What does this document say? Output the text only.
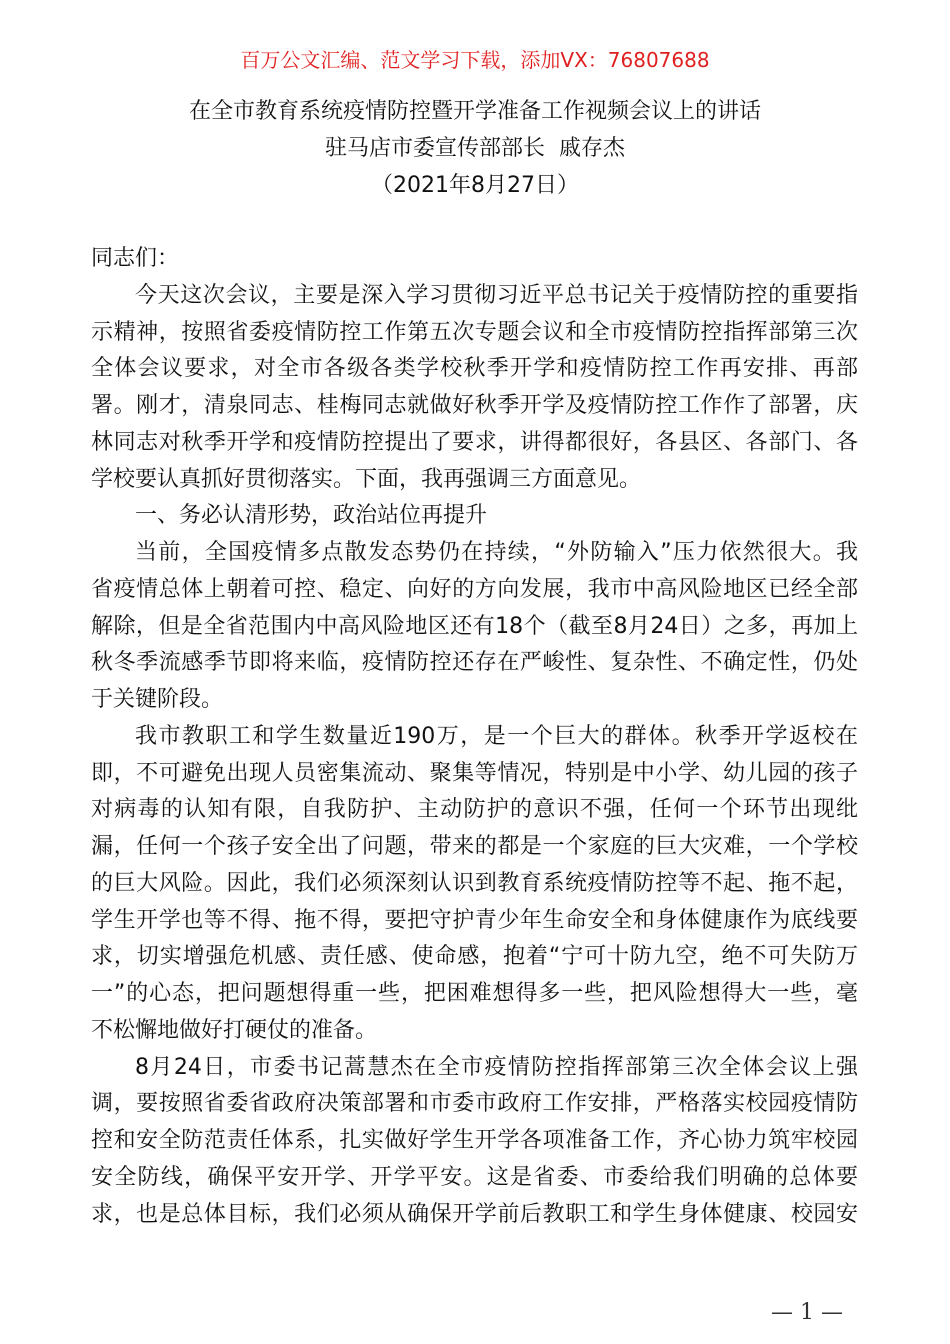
百万公文汇编、范文学习下载，添加VX：76807688
在全市教育系统疫情防控暨开学准备工作视频会议上的讲话
驻马店市委宣传部部长  戚存杰
（2021年8月27日）
同志们：
今天这次会议，主要是深入学习贯彻习近平总书记关于疫情防控的重要指
示精神，按照省委疫情防控工作第五次专题会议和全市疫情防控指挥部第三次
全体会议要求，对全市各级各类学校秋季开学和疫情防控工作再安排、再部
署。刚才，清泉同志、桂梅同志就做好秋季开学及疫情防控工作作了部署，庆
林同志对秋季开学和疫情防控提出了要求，讲得都很好，各县区、各部门、各
学校要认真抓好贯彻落实。下面，我再强调三方面意见。
一、务必认清形势，政治站位再提升
当前，全国疫情多点散发态势仍在持续，“外防输入”压力依然很大。我
省疫情总体上朝着可控、稳定、向好的方向发展，我市中高风险地区已经全部
解除，但是全省范围内中高风险地区还有18个（截至8月24日）之多，再加上
秋冬季流感季节即将来临，疫情防控还存在严峻性、复杂性、不确定性，仍处
于关键阶段。
我市教职工和学生数量近190万，是一个巨大的群体。秋季开学返校在
即，不可避免出现人员密集流动、聚集等情况，特别是中小学、幼儿园的孩子
对病毒的认知有限，自我防护、主动防护的意识不强，任何一个环节出现纰
漏，任何一个孩子安全出了问题，带来的都是一个家庭的巨大灾难，一个学校
的巨大风险。因此，我们必须深刻认识到教育系统疫情防控等不起、拖不起，
学生开学也等不得、拖不得，要把守护青少年生命安全和身体健康作为底线要
求，切实增强危机感、责任感、使命感，抱着“宁可十防九空，绝不可失防万
一”的心态，把问题想得重一些，把困难想得多一些，把风险想得大一些，毫
不松懈地做好打硬仗的准备。
8月24日，市委书记蒿慧杰在全市疫情防控指挥部第三次全体会议上强
调，要按照省委省政府决策部署和市委市政府工作安排，严格落实校园疫情防
控和安全防范责任体系，扎实做好学生开学各项准备工作，齐心协力筑牢校园
安全防线，确保平安开学、开学平安。这是省委、市委给我们明确的总体要
求，也是总体目标，我们必须从确保开学前后教职工和学生身体健康、校园安
— 1 —
